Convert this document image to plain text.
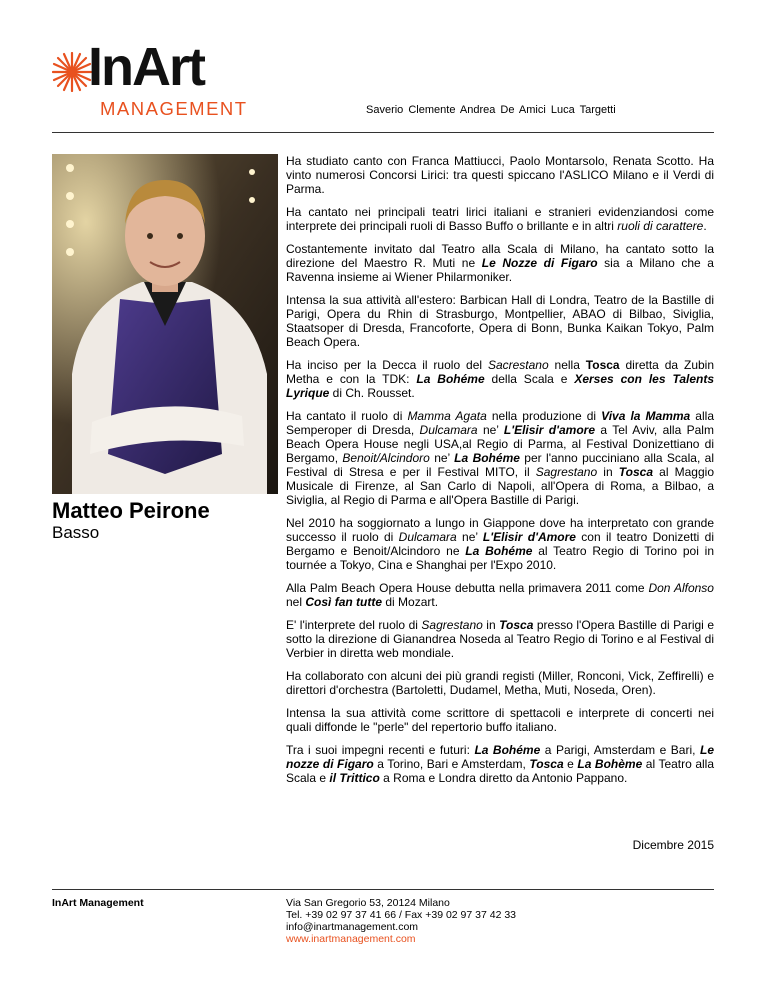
InArt
MANAGEMENT	Saverio Clemente Andrea De Amici Luca Targetti
Matteo Peirone
Basso

Ha studiato canto con Franca Mattiucci, Paolo Montarsolo, Renata Scotto. Ha vinto numerosi Concorsi Lirici: tra questi spiccano l'ASLICO Milano e il Verdi di Parma.

Ha cantato nei principali teatri lirici italiani e stranieri evidenziandosi come interprete dei principali ruoli di Basso Buffo o brillante e in altri ruoli di carattere.

Costantemente invitato dal Teatro alla Scala di Milano, ha cantato sotto la direzione del Maestro R. Muti ne Le Nozze di Figaro sia a Milano che a Ravenna insieme ai Wiener Philarmoniker.

Intensa la sua attività all'estero: Barbican Hall di Londra, Teatro de la Bastille di Parigi, Opera du Rhin di Strasburgo, Montpellier, ABAO di Bilbao, Siviglia, Staatsoper di Dresda, Francoforte, Opera di Bonn, Bunka Kaikan Tokyo, Palm Beach Opera.

Ha inciso per la Decca il ruolo del Sacrestano nella Tosca diretta da Zubin Metha e con la TDK: La Bohéme della Scala e Xerses con les Talents Lyrique di Ch. Rousset.

Ha cantato il ruolo di Mamma Agata nella produzione di Viva la Mamma alla Semperoper di Dresda, Dulcamara ne’ L'Elisir d'amore a Tel Aviv, alla Palm Beach Opera House negli USA,al Regio di Parma, al Festival Donizettiano di Bergamo, Benoit/Alcindoro ne’ La Bohéme per l'anno pucciniano alla Scala, al Festival di Stresa e per il Festival MITO, il Sagrestano in Tosca al Maggio Musicale di Firenze, al San Carlo di Napoli, all'Opera di Roma, a Bilbao, a Siviglia, al Regio di Parma e all'Opera Bastille di Parigi.

Nel 2010 ha soggiornato a lungo in Giappone dove ha interpretato con grande successo il ruolo di Dulcamara ne’ L'Elisir d'Amore con il teatro Donizetti di Bergamo e Benoit/Alcindoro ne La Bohéme al Teatro Regio di Torino poi in tournée a Tokyo, Cina e Shanghai per l'Expo 2010.

Alla Palm Beach Opera House debutta nella primavera 2011 come Don Alfonso nel Così fan tutte di Mozart.

E' l'interprete del ruolo di Sagrestano in Tosca presso l'Opera Bastille di Parigi e sotto la direzione di Gianandrea Noseda al Teatro Regio di Torino e al Festival di Verbier in diretta web mondiale.

Ha collaborato con alcuni dei più grandi registi (Miller, Ronconi, Vick, Zeffirelli) e direttori d'orchestra (Bartoletti, Dudamel, Metha, Muti, Noseda, Oren).

Intensa la sua attività come scrittore di spettacoli e interprete di concerti nei quali diffonde le "perle" del repertorio buffo italiano.

Tra i suoi impegni recenti e futuri: La Bohéme a Parigi, Amsterdam e Bari, Le nozze di Figaro a Torino, Bari e Amsterdam, Tosca e La Bohème al Teatro alla Scala e il Trittico a Roma e Londra diretto da Antonio Pappano.

Dicembre 2015
InArt Management	Via San Gregorio 53, 20124 Milano
Tel. +39 02 97 37 41 66 / Fax +39 02 97 37 42 33
info@inartmanagement.com
www.inartmanagement.com
